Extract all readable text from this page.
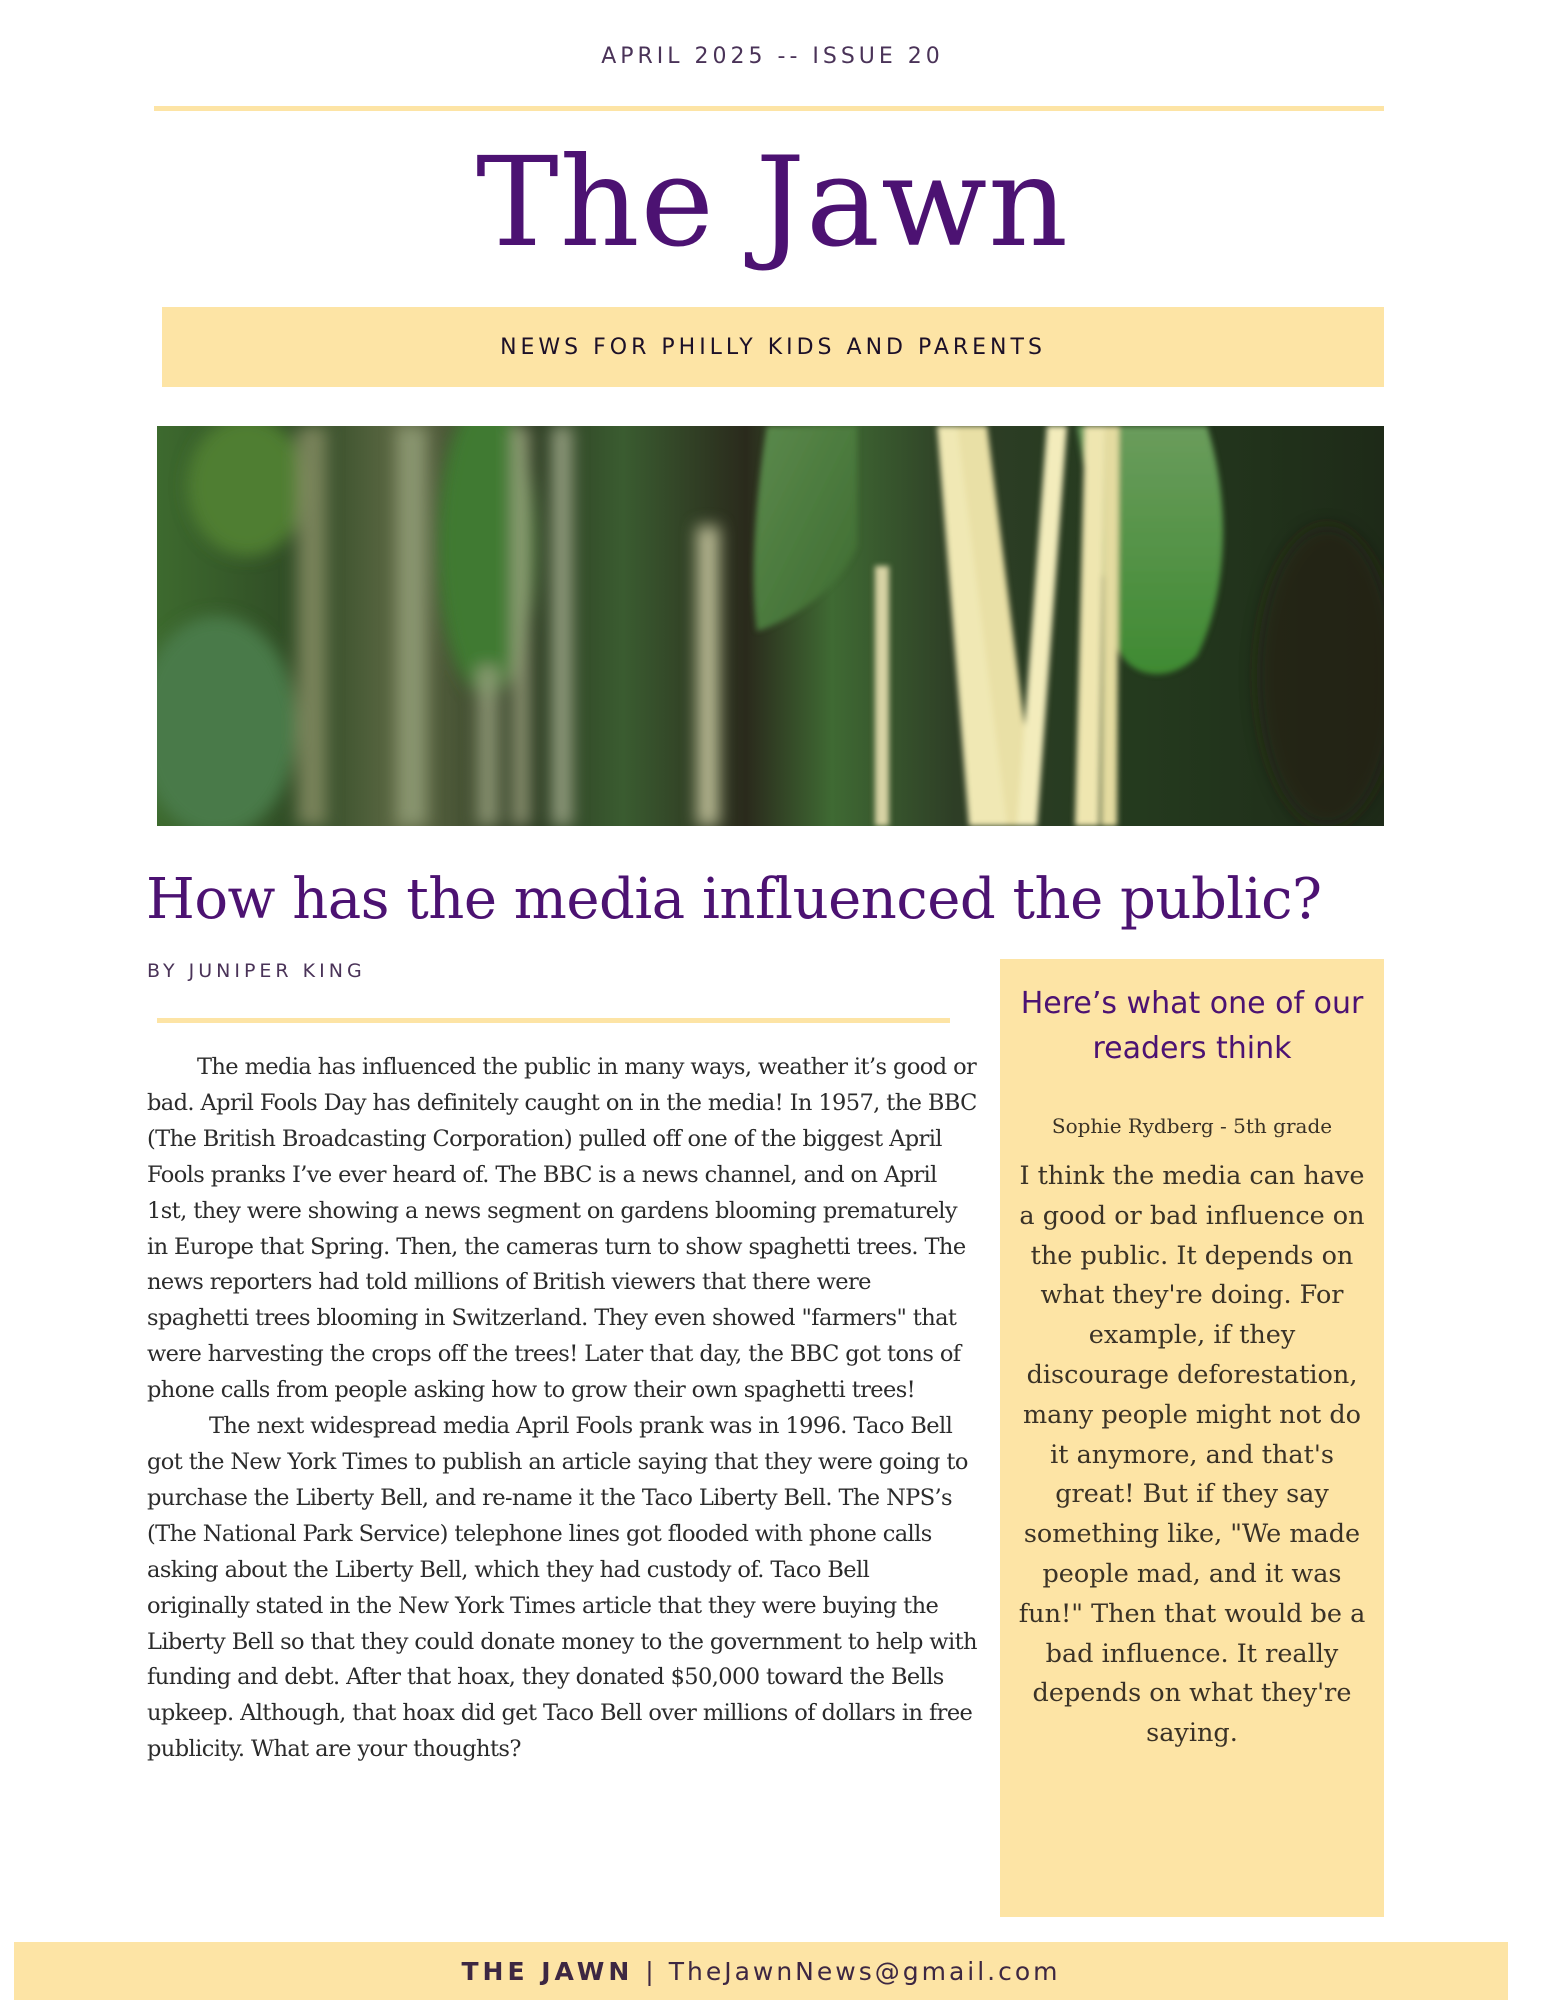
APRIL 2025 -- ISSUE 20
The Jawn
NEWS FOR PHILLY KIDS AND PARENTS
How has the media influenced the public?
BY JUNIPER KING

The media has influenced the public in many ways, weather it’s good or bad. April Fools Day has definitely caught on in the media! In 1957, the BBC (The British Broadcasting Corporation) pulled off one of the biggest April Fools pranks I’ve ever heard of. The BBC is a news channel, and on April 1st, they were showing a news segment on gardens blooming prematurely in Europe that Spring. Then, the cameras turn to show spaghetti trees. The news reporters had told millions of British viewers that there were spaghetti trees blooming in Switzerland. They even showed "farmers" that were harvesting the crops off the trees! Later that day, the BBC got tons of phone calls from people asking how to grow their own spaghetti trees!

The next widespread media April Fools prank was in 1996. Taco Bell got the New York Times to publish an article saying that they were going to purchase the Liberty Bell, and re-name it the Taco Liberty Bell. The NPS’s (The National Park Service) telephone lines got flooded with phone calls asking about the Liberty Bell, which they had custody of. Taco Bell originally stated in the New York Times article that they were buying the Liberty Bell so that they could donate money to the government to help with funding and debt. After that hoax, they donated $50,000 toward the Bells upkeep. Although, that hoax did get Taco Bell over millions of dollars in free publicity. What are your thoughts?

Here’s what one of our readers think
Sophie Rydberg - 5th grade
I think the media can have a good or bad influence on the public. It depends on what they're doing. For example, if they discourage deforestation, many people might not do it anymore, and that's great! But if they say something like, "We made people mad, and it was fun!" Then that would be a bad influence. It really depends on what they're saying.
THE JAWN | TheJawnNews@gmail.com
